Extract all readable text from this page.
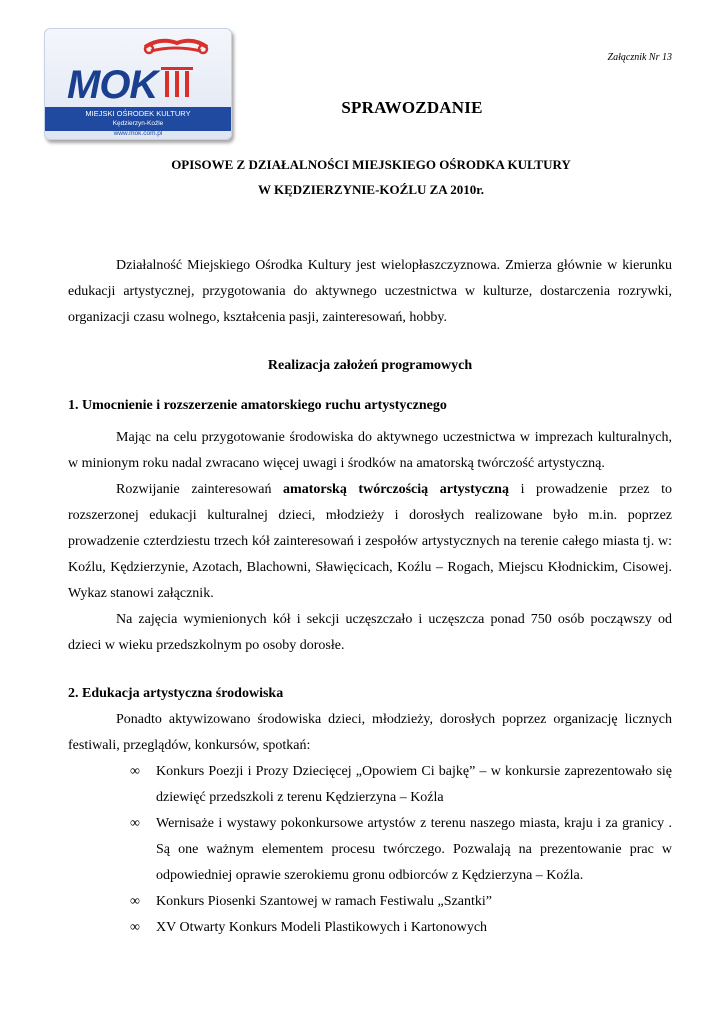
MOK
MIEJSKI OŚRODEK KULTURY
Kędzierzyn-Koźle
www.mok.com.pl
Załącznik Nr 13
SPRAWOZDANIE
OPISOWE Z DZIAŁALNOŚCI MIEJSKIEGO OŚRODKA KULTURY
W KĘDZIERZYNIE-KOŹLU ZA 2010r.

Działalność Miejskiego Ośrodka Kultury jest wielopłaszczyznowa. Zmierza głównie w kierunku edukacji artystycznej, przygotowania do aktywnego uczestnictwa w kulturze, dostarczenia rozrywki, organizacji czasu wolnego, kształcenia pasji, zainteresowań, hobby.

Realizacja założeń programowych

1. Umocnienie i rozszerzenie amatorskiego ruchu artystycznego

Mając na celu przygotowanie środowiska do aktywnego uczestnictwa w imprezach kulturalnych, w minionym roku nadal zwracano więcej uwagi i środków na amatorską twórczość artystyczną.

Rozwijanie zainteresowań amatorską twórczością artystyczną i prowadzenie przez to rozszerzonej edukacji kulturalnej dzieci, młodzieży i dorosłych realizowane było m.in. poprzez prowadzenie czterdziestu trzech kół zainteresowań i zespołów artystycznych na terenie całego miasta tj. w: Koźlu, Kędzierzynie, Azotach, Blachowni, Sławięcicach, Koźlu – Rogach, Miejscu Kłodnickim, Cisowej. Wykaz stanowi załącznik.

Na zajęcia wymienionych kół i sekcji uczęszczało i uczęszcza ponad 750 osób począwszy od dzieci w wieku przedszkolnym po osoby dorosłe.

2. Edukacja artystyczna środowiska

Ponadto aktywizowano środowiska dzieci, młodzieży, dorosłych poprzez organizację licznych festiwali, przeglądów, konkursów, spotkań:

∞ Konkurs Poezji i Prozy Dziecięcej „Opowiem Ci bajkę” – w konkursie zaprezentowało się dziewięć przedszkoli z terenu Kędzierzyna – Koźla
∞ Wernisaże i wystawy pokonkursowe artystów z terenu naszego miasta, kraju i za granicy . Są one ważnym elementem procesu twórczego. Pozwalają na prezentowanie prac w odpowiedniej oprawie szerokiemu gronu odbiorców z Kędzierzyna – Koźla.
∞ Konkurs Piosenki Szantowej w ramach Festiwalu „Szantki”
∞ XV Otwarty Konkurs Modeli Plastikowych i Kartonowych
